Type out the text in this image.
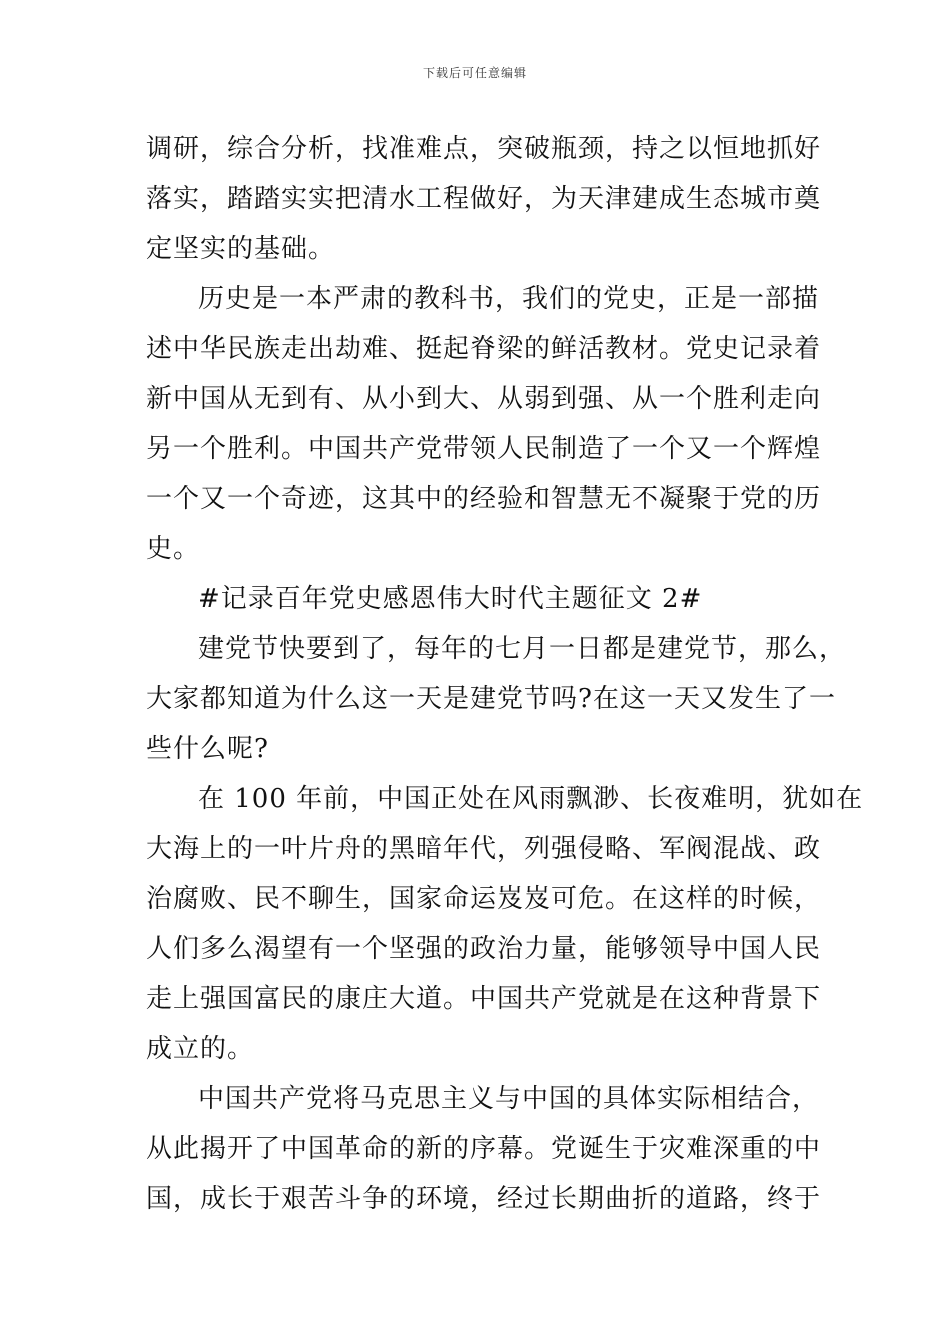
下载后可任意编辑
调研，综合分析，找准难点，突破瓶颈，持之以恒地抓好
落实，踏踏实实把清水工程做好，为天津建成生态城市奠
定坚实的基础。
历史是一本严肃的教科书，我们的党史，正是一部描
述中华民族走出劫难、挺起脊梁的鲜活教材。党史记录着
新中国从无到有、从小到大、从弱到强、从一个胜利走向
另一个胜利。中国共产党带领人民制造了一个又一个辉煌
一个又一个奇迹，这其中的经验和智慧无不凝聚于党的历
史。
#记录百年党史感恩伟大时代主题征文 2#
建党节快要到了，每年的七月一日都是建党节，那么，
大家都知道为什么这一天是建党节吗?在这一天又发生了一
些什么呢?
在 100 年前，中国正处在风雨飘渺、长夜难明，犹如在
大海上的一叶片舟的黑暗年代，列强侵略、军阀混战、政
治腐败、民不聊生，国家命运岌岌可危。在这样的时候，
人们多么渴望有一个坚强的政治力量，能够领导中国人民
走上强国富民的康庄大道。中国共产党就是在这种背景下
成立的。
中国共产党将马克思主义与中国的具体实际相结合，
从此揭开了中国革命的新的序幕。党诞生于灾难深重的中
国，成长于艰苦斗争的环境，经过长期曲折的道路，终于
